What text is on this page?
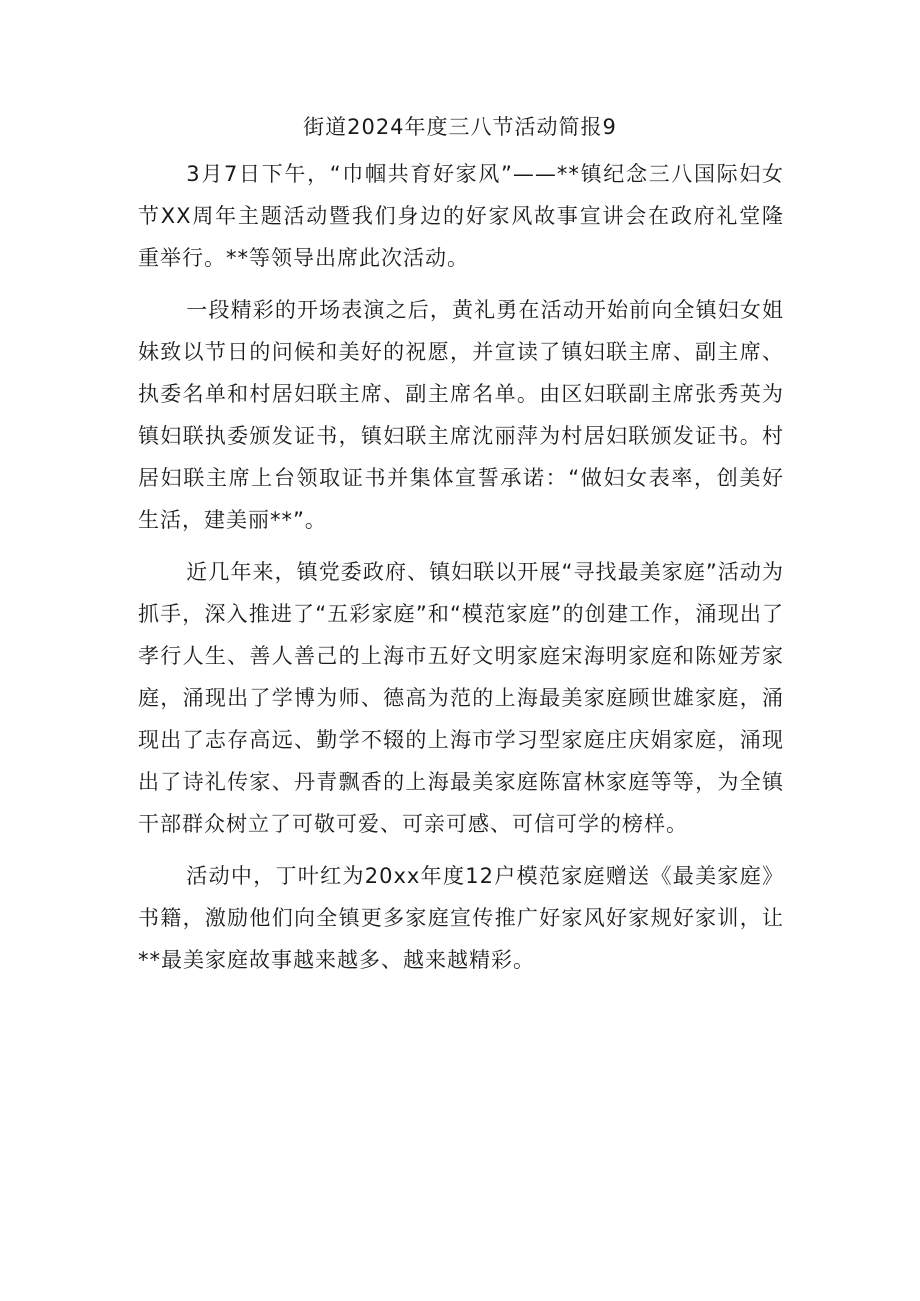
街道2024年度三八节活动简报9

3月7日下午，“巾帼共育好家风”——**镇纪念三八国际妇女节XX周年主题活动暨我们身边的好家风故事宣讲会在政府礼堂隆重举行。**等领导出席此次活动。

一段精彩的开场表演之后，黄礼勇在活动开始前向全镇妇女姐妹致以节日的问候和美好的祝愿，并宣读了镇妇联主席、副主席、执委名单和村居妇联主席、副主席名单。由区妇联副主席张秀英为镇妇联执委颁发证书，镇妇联主席沈丽萍为村居妇联颁发证书。村居妇联主席上台领取证书并集体宣誓承诺：“做妇女表率，创美好生活，建美丽**”。

近几年来，镇党委政府、镇妇联以开展“寻找最美家庭”活动为抓手，深入推进了“五彩家庭”和“模范家庭”的创建工作，涌现出了孝行人生、善人善己的上海市五好文明家庭宋海明家庭和陈娅芳家庭，涌现出了学博为师、德高为范的上海最美家庭顾世雄家庭，涌现出了志存高远、勤学不辍的上海市学习型家庭庄庆娟家庭，涌现出了诗礼传家、丹青飘香的上海最美家庭陈富林家庭等等，为全镇干部群众树立了可敬可爱、可亲可感、可信可学的榜样。

活动中，丁叶红为20xx年度12户模范家庭赠送《最美家庭》书籍，激励他们向全镇更多家庭宣传推广好家风好家规好家训，让**最美家庭故事越来越多、越来越精彩。
